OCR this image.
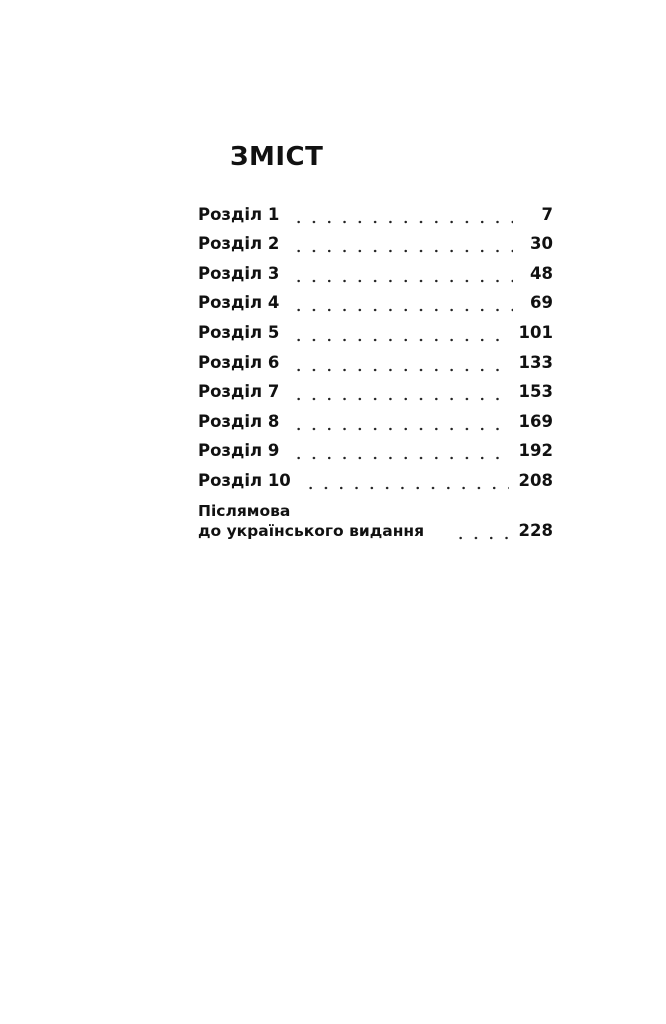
ЗМІСТ
Розділ 1	7
Розділ 2	30
Розділ 3	48
Розділ 4	69
Розділ 5	101
Розділ 6	133
Розділ 7	153
Розділ 8	169
Розділ 9	192
Розділ 10	208
Післямова
до українського видання	228
